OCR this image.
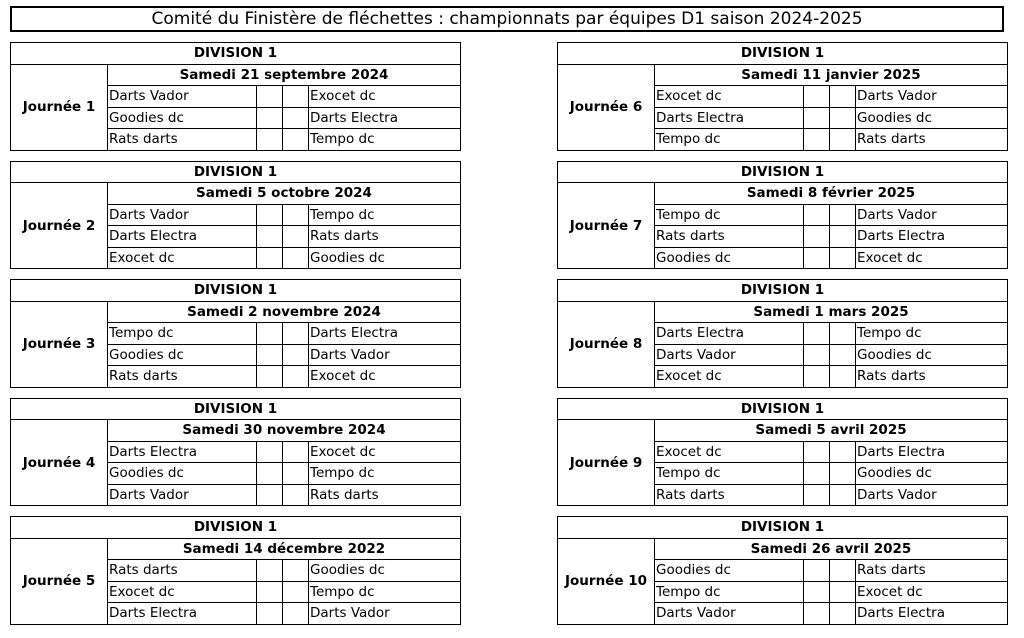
Comité du Finistère de fléchettes : championnats par équipes D1 saison 2024-2025
DIVISION 1				
Journée 1	Samedi 21 septembre 2024			
	Darts Vador			Exocet dc
	Goodies dc			Darts Electra
	Rats darts			Tempo dc
DIVISION 1				
Journée 2	Samedi 5 octobre 2024			
	Darts Vador			Tempo dc
	Darts Electra			Rats darts
	Exocet dc			Goodies dc
DIVISION 1				
Journée 3	Samedi 2 novembre 2024			
	Tempo dc			Darts Electra
	Goodies dc			Darts Vador
	Rats darts			Exocet dc
DIVISION 1				
Journée 4	Samedi 30 novembre 2024			
	Darts Electra			Exocet dc
	Goodies dc			Tempo dc
	Darts Vador			Rats darts
DIVISION 1				
Journée 5	Samedi 14 décembre 2022			
	Rats darts			Goodies dc
	Exocet dc			Tempo dc
	Darts Electra			Darts Vador
DIVISION 1				
Journée 6	Samedi 11 janvier 2025			
	Exocet dc			Darts Vador
	Darts Electra			Goodies dc
	Tempo dc			Rats darts
DIVISION 1				
Journée 7	Samedi 8 février 2025			
	Tempo dc			Darts Vador
	Rats darts			Darts Electra
	Goodies dc			Exocet dc
DIVISION 1				
Journée 8	Samedi 1 mars 2025			
	Darts Electra			Tempo dc
	Darts Vador			Goodies dc
	Exocet dc			Rats darts
DIVISION 1				
Journée 9	Samedi 5 avril 2025			
	Exocet dc			Darts Electra
	Tempo dc			Goodies dc
	Rats darts			Darts Vador
DIVISION 1				
Journée 10	Samedi 26 avril 2025			
	Goodies dc			Rats darts
	Tempo dc			Exocet dc
	Darts Vador			Darts Electra
